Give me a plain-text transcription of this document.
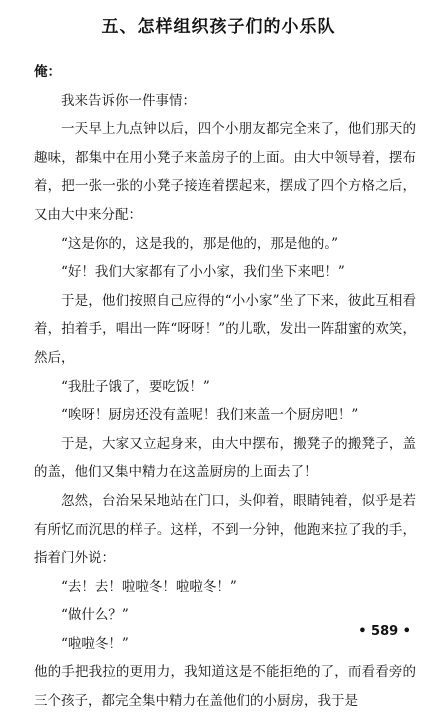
五、怎样组织孩子们的小乐队

俺：

我来告诉你一件事情：

一天早上九点钟以后，四个小朋友都完全来了，他们那天的趣味，都集中在用小凳子来盖房子的上面。由大中领导着，摆布着，把一张一张的小凳子接连着摆起来，摆成了四个方格之后，又由大中来分配：

“这是你的，这是我的，那是他的，那是他的。”

“好！我们大家都有了小小家，我们坐下来吧！”

于是，他们按照自己应得的“小小家”坐了下来，彼此互相看着，拍着手，唱出一阵“呀呀！”的儿歌，发出一阵甜蜜的欢笑，然后，

“我肚子饿了，要吃饭！”

“唉呀！厨房还没有盖呢！我们来盖一个厨房吧！”

于是，大家又立起身来，由大中摆布，搬凳子的搬凳子，盖的盖，他们又集中精力在这盖厨房的上面去了！

忽然，台治呆呆地站在门口，头仰着，眼睛钝着，似乎是若有所忆而沉思的样子。这样，不到一分钟，他跑来拉了我的手，指着门外说：

“去！去！啦啦冬！啦啦冬！”

“做什么？”

“啦啦冬！”

他的手把我拉的更用力，我知道这是不能拒绝的了，而看看旁的三个孩子，都完全集中精力在盖他们的小厨房，我于是

• 589 •
